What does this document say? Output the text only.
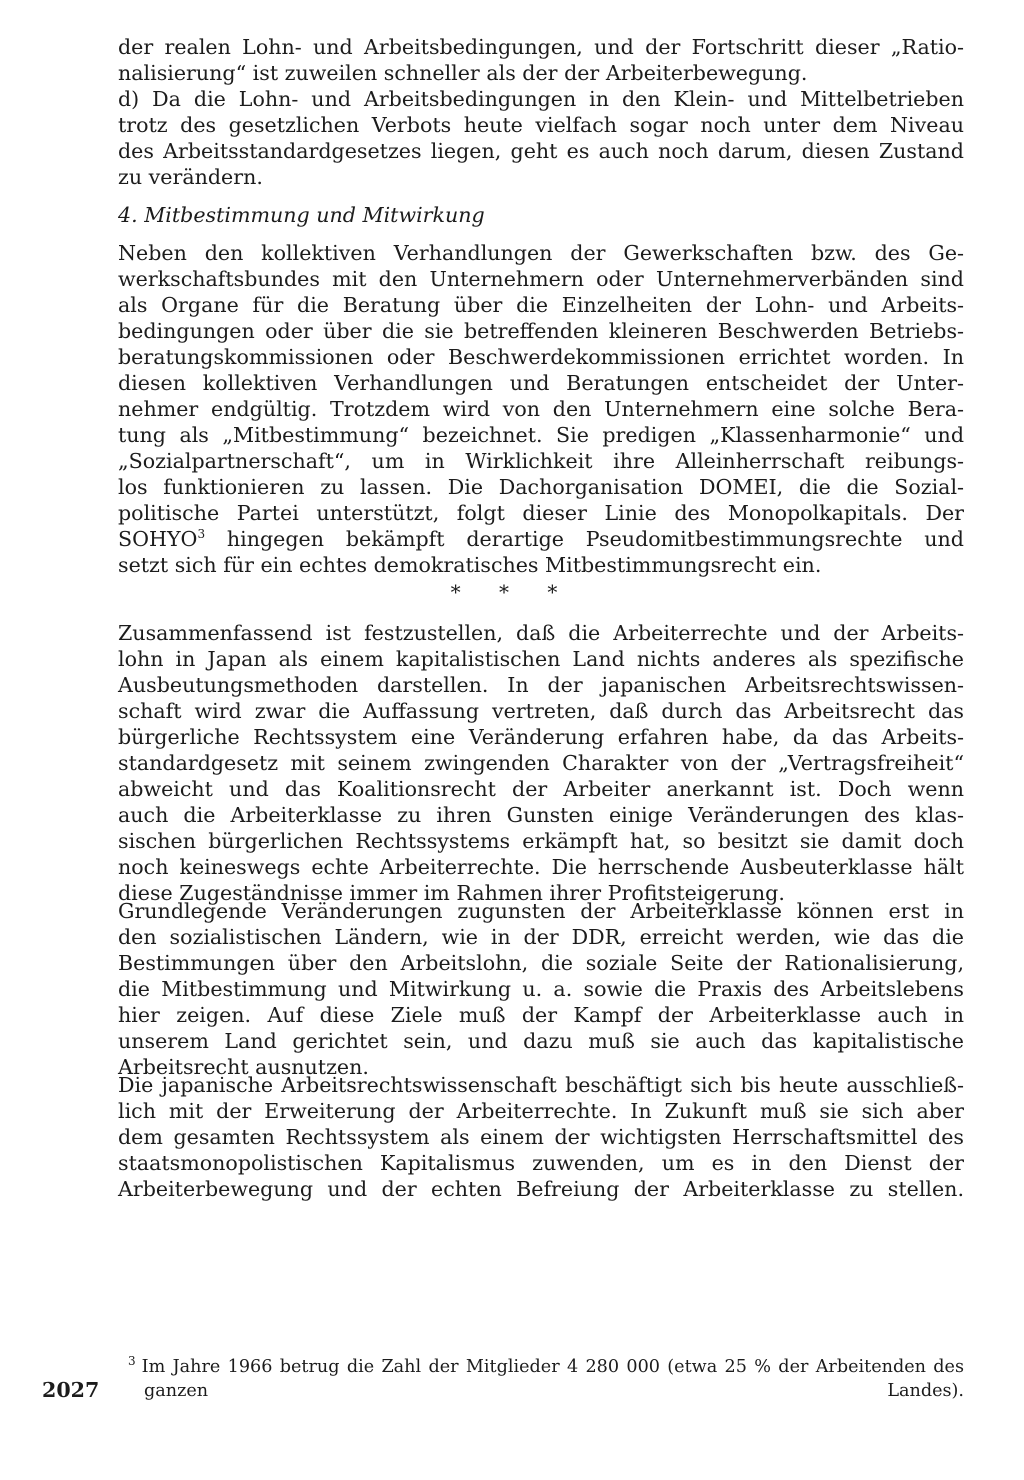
der realen Lohn- und Arbeitsbedingungen, und der Fortschritt dieser „Ratio-
nalisierung“ ist zuweilen schneller als der der Arbeiterbewegung.
d) Da die Lohn- und Arbeitsbedingungen in den Klein- und Mittelbetrieben
trotz des gesetzlichen Verbots heute vielfach sogar noch unter dem Niveau
des Arbeitsstandardgesetzes liegen, geht es auch noch darum, diesen Zustand
zu verändern.
4. Mitbestimmung und Mitwirkung
Neben den kollektiven Verhandlungen der Gewerkschaften bzw. des Ge-
werkschaftsbundes mit den Unternehmern oder Unternehmerverbänden sind
als Organe für die Beratung über die Einzelheiten der Lohn- und Arbeits-
bedingungen oder über die sie betreffenden kleineren Beschwerden Betriebs-
beratungskommissionen oder Beschwerdekommissionen errichtet worden. In
diesen kollektiven Verhandlungen und Beratungen entscheidet der Unter-
nehmer endgültig. Trotzdem wird von den Unternehmern eine solche Bera-
tung als „Mitbestimmung“ bezeichnet. Sie predigen „Klassenharmonie“ und
„Sozialpartnerschaft“, um in Wirklichkeit ihre Alleinherrschaft reibungs-
los funktionieren zu lassen. Die Dachorganisation DOMEI, die die Sozial-
politische Partei unterstützt, folgt dieser Linie des Monopolkapitals. Der
SOHYO$^3$ hingegen bekämpft derartige Pseudomitbestimmungsrechte und
setzt sich für ein echtes demokratisches Mitbestimmungsrecht ein.
* * *
Zusammenfassend ist festzustellen, daß die Arbeiterrechte und der Arbeits-
lohn in Japan als einem kapitalistischen Land nichts anderes als spezifische
Ausbeutungsmethoden darstellen. In der japanischen Arbeitsrechtswissen-
schaft wird zwar die Auffassung vertreten, daß durch das Arbeitsrecht das
bürgerliche Rechtssystem eine Veränderung erfahren habe, da das Arbeits-
standardgesetz mit seinem zwingenden Charakter von der „Vertragsfreiheit“
abweicht und das Koalitionsrecht der Arbeiter anerkannt ist. Doch wenn
auch die Arbeiterklasse zu ihren Gunsten einige Veränderungen des klas-
sischen bürgerlichen Rechtssystems erkämpft hat, so besitzt sie damit doch
noch keineswegs echte Arbeiterrechte. Die herrschende Ausbeuterklasse hält
diese Zugeständnisse immer im Rahmen ihrer Profitsteigerung.
Grundlegende Veränderungen zugunsten der Arbeiterklasse können erst in
den sozialistischen Ländern, wie in der DDR, erreicht werden, wie das die
Bestimmungen über den Arbeitslohn, die soziale Seite der Rationalisierung,
die Mitbestimmung und Mitwirkung u. a. sowie die Praxis des Arbeitslebens
hier zeigen. Auf diese Ziele muß der Kampf der Arbeiterklasse auch in
unserem Land gerichtet sein, und dazu muß sie auch das kapitalistische
Arbeitsrecht ausnutzen.
Die japanische Arbeitsrechtswissenschaft beschäftigt sich bis heute ausschließ-
lich mit der Erweiterung der Arbeiterrechte. In Zukunft muß sie sich aber
dem gesamten Rechtssystem als einem der wichtigsten Herrschaftsmittel des
staatsmonopolistischen Kapitalismus zuwenden, um es in den Dienst der
Arbeiterbewegung und der echten Befreiung der Arbeiterklasse zu stellen.
$^3$ Im Jahre 1966 betrug die Zahl der Mitglieder 4 280 000 (etwa 25 % der Arbeitenden des
ganzen Landes).
2027
